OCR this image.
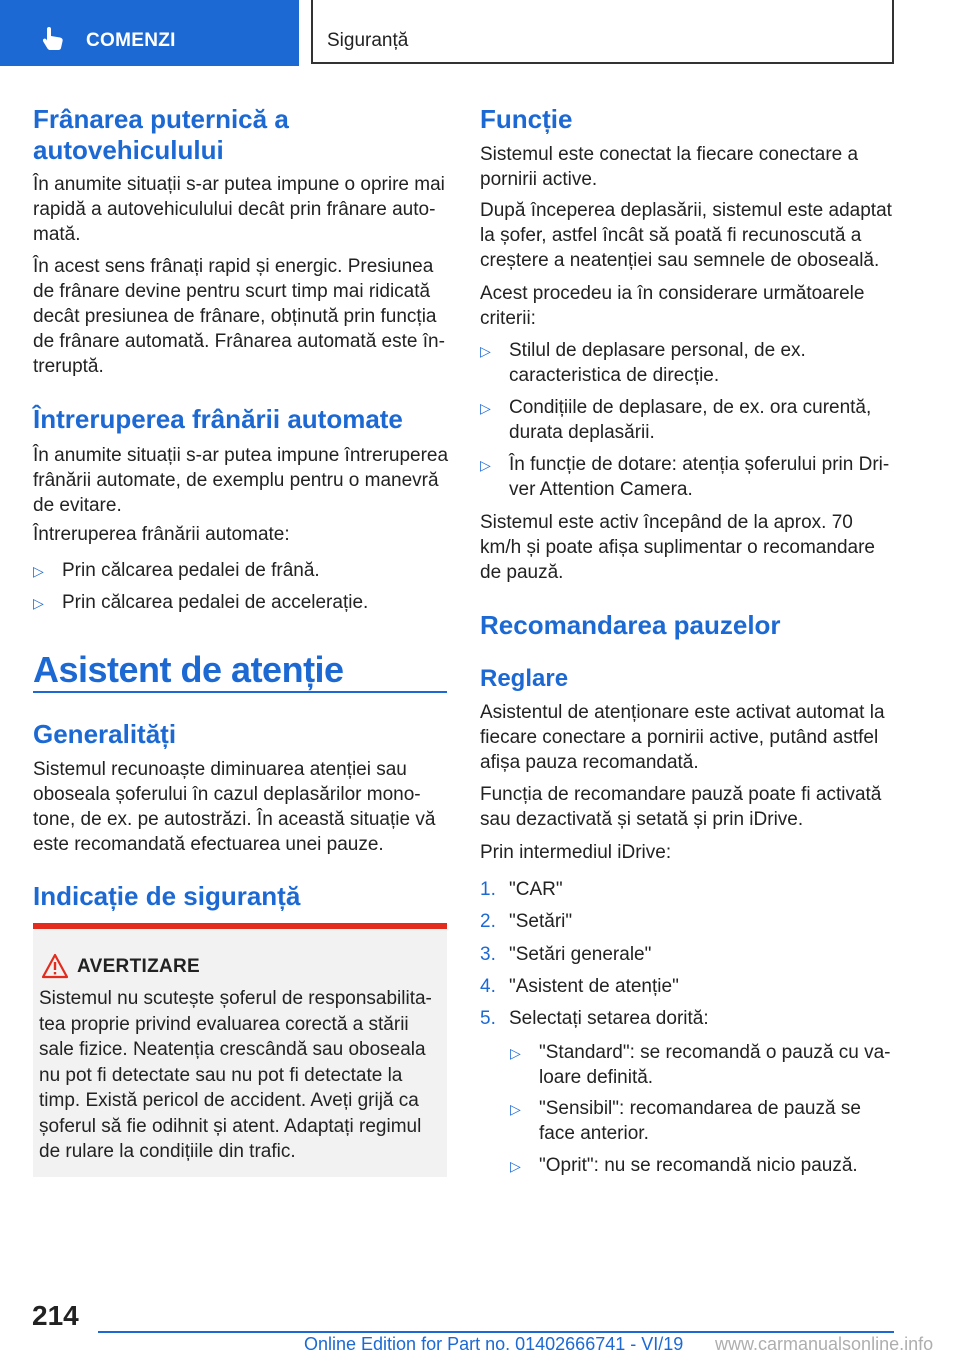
COMENZI	Siguranță
Frânarea puternică a autovehiculului

În anumite situații s-ar putea impune o oprire mai rapidă a autovehiculului decât prin frânare automată.

În acest sens frânați rapid și energic. Presiunea de frânare devine pentru scurt timp mai ridicată decât presiunea de frânare, obținută prin funcția de frânare automată. Frânarea automată este întreruptă.

Întreruperea frânării automate

În anumite situații s-ar putea impune întreruperea frânării automate, de exemplu pentru o manevră de evitare.

Întreruperea frânării automate:

▷ Prin călcarea pedalei de frână.
▷ Prin călcarea pedalei de accelerație.
Asistent de atenție
Generalități

Sistemul recunoaște diminuarea atenției sau oboseala șoferului în cazul deplasărilor monotone, de ex. pe autostrăzi. În această situație vă este recomandată efectuarea unei pauze.

Indicație de siguranță
AVERTIZARE

Sistemul nu scutește șoferul de responsabilitatea proprie privind evaluarea corectă a stării sale fizice. Neatenția crescândă sau oboseala nu pot fi detectate sau nu pot fi detectate la timp. Există pericol de accident. Aveți grijă ca șoferul să fie odihnit și atent. Adaptați regimul de rulare la condițiile din trafic.

Funcție

Sistemul este conectat la fiecare conectare a pornirii active.

După începerea deplasării, sistemul este adaptat la șofer, astfel încât să poată fi recunoscută a creștere a neatenției sau semnele de oboseală.

Acest procedeu ia în considerare următoarele criterii:

▷ Stilul de deplasare personal, de ex. caracteristica de direcție.
▷ Condițiile de deplasare, de ex. ora curentă, durata deplasării.
▷ În funcție de dotare: atenția șoferului prin Driver Attention Camera.

Sistemul este activ începând de la aprox. 70 km/h și poate afișa suplimentar o recomandare de pauză.

Recomandarea pauzelor
Reglare

Asistentul de atenționare este activat automat la fiecare conectare a pornirii active, putând astfel afișa pauza recomandată.

Funcția de recomandare pauză poate fi activată sau dezactivată și setată și prin iDrive.

Prin intermediul iDrive:

1. "CAR"
2. "Setări"
3. "Setări generale"
4. "Asistent de atenție"
5. Selectați setarea dorită:
▷ "Standard": se recomandă o pauză cu valoare definită.
▷ "Sensibil": recomandarea de pauză se face anterior.
▷ "Oprit": nu se recomandă nicio pauză.
214
Online Edition for Part no. 01402666741 - VI/19 www.carmanualsonline.info
